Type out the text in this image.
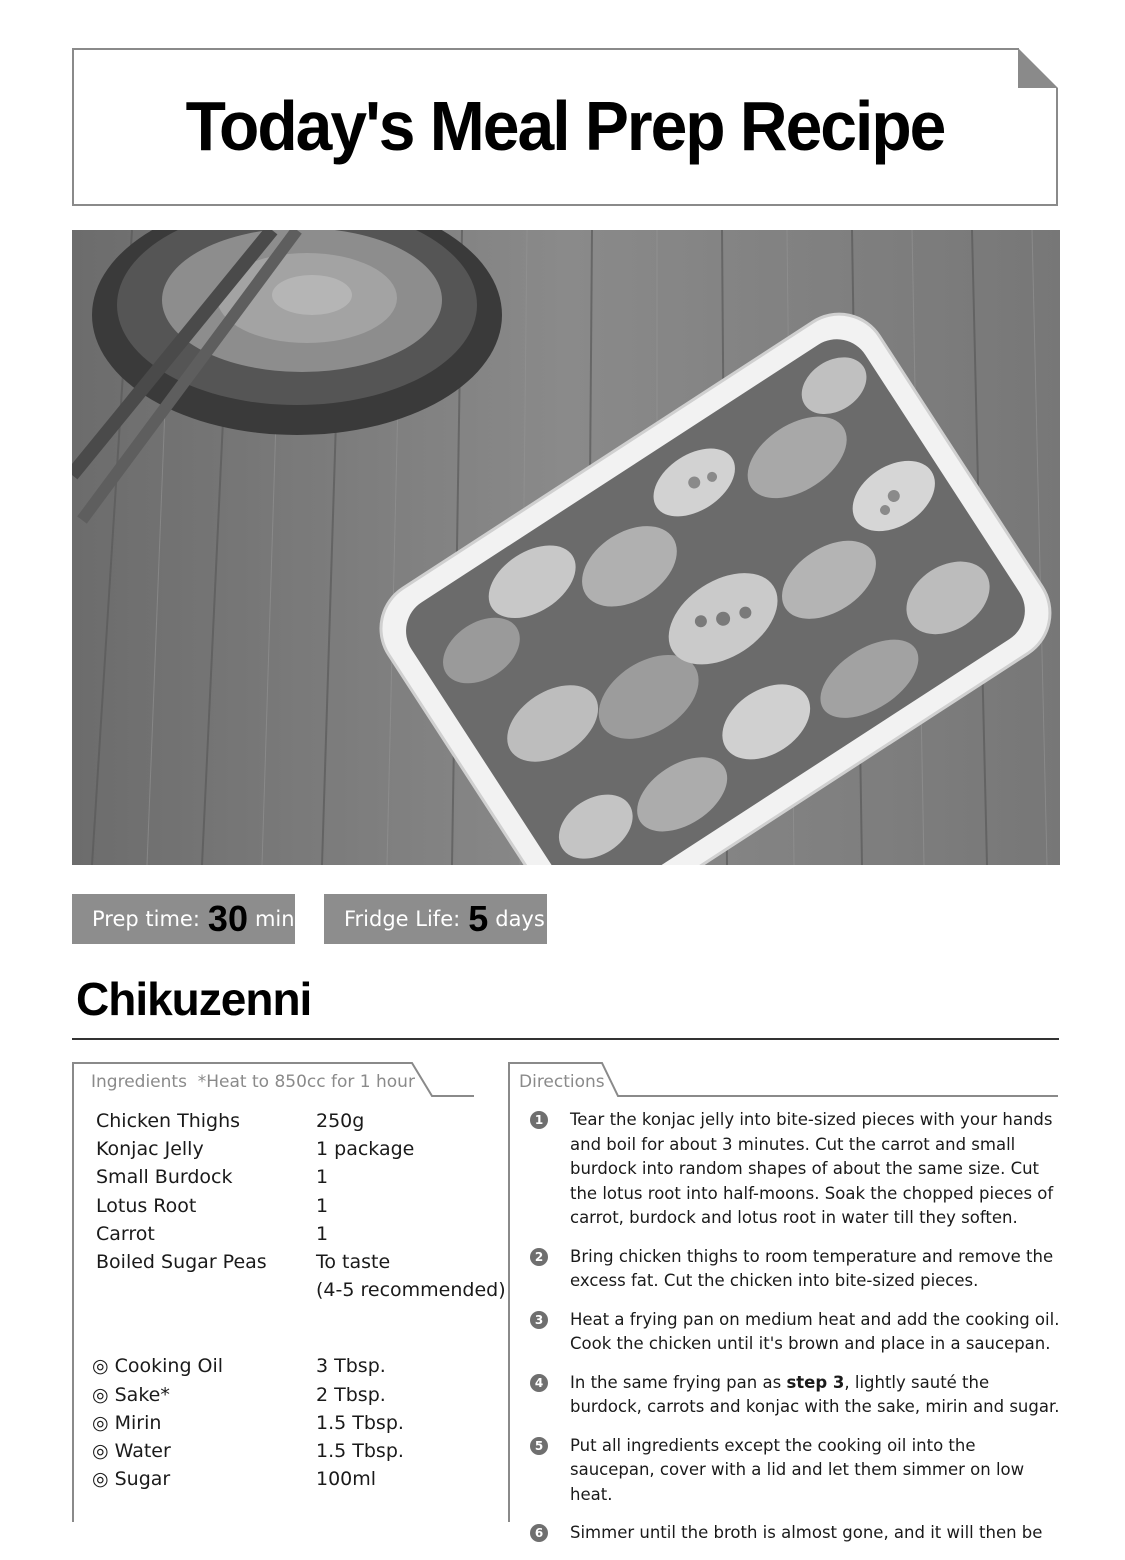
Today's Meal Prep Recipe
Prep time: 30 min Fridge Life: 5 days
Chikuzenni
Ingredients *Heat to 850cc for 1 hour
Chicken Thighs	250g
Konjac Jelly	1 package
Small Burdock	1
Lotus Root	1
Carrot	1
Boiled Sugar Peas	To taste
(4-5 recommended)
◎ Cooking Oil	3 Tbsp.
◎ Sake*	2 Tbsp.
◎ Mirin	1.5 Tbsp.
◎ Water	1.5 Tbsp.
◎ Sugar	100ml
Directions
1 Tear the konjac jelly into bite-sized pieces with your hands and boil for about 3 minutes. Cut the carrot and small burdock into random shapes of about the same size. Cut the lotus root into half-moons. Soak the chopped pieces of carrot, burdock and lotus root in water till they soften.
2 Bring chicken thighs to room temperature and remove the excess fat. Cut the chicken into bite-sized pieces.
3 Heat a frying pan on medium heat and add the cooking oil. Cook the chicken until it's brown and place in a saucepan.
4 In the same frying pan as step 3, lightly sauté the burdock, carrots and konjac with the sake, mirin and sugar.
5 Put all ingredients except the cooking oil into the saucepan, cover with a lid and let them simmer on low heat.
6 Simmer until the broth is almost gone, and it will then be
